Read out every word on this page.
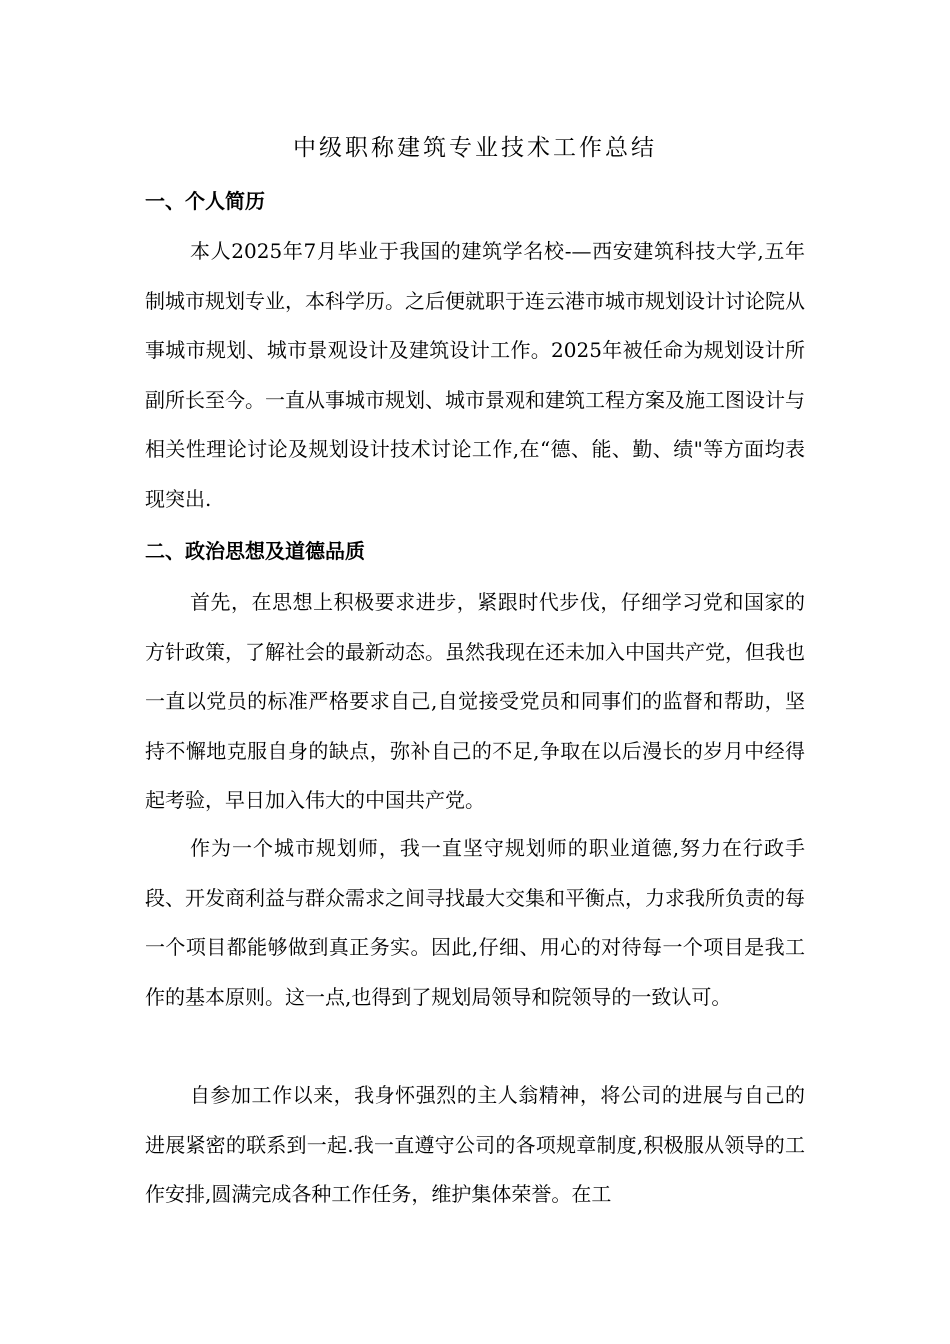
中级职称建筑专业技术工作总结
一、个人简历

本人2025年7月毕业于我国的建筑学名校-—西安建筑科技大学,五年制城市规划专业，本科学历。之后便就职于连云港市城市规划设计讨论院从事城市规划、城市景观设计及建筑设计工作。2025年被任命为规划设计所副所长至今。一直从事城市规划、城市景观和建筑工程方案及施工图设计与相关性理论讨论及规划设计技术讨论工作,在“德、能、勤、绩"等方面均表现突出.

二、政治思想及道德品质

首先，在思想上积极要求进步，紧跟时代步伐，仔细学习党和国家的方针政策，了解社会的最新动态。虽然我现在还未加入中国共产党，但我也一直以党员的标准严格要求自己,自觉接受党员和同事们的监督和帮助，坚持不懈地克服自身的缺点，弥补自己的不足,争取在以后漫长的岁月中经得起考验，早日加入伟大的中国共产党。

作为一个城市规划师，我一直坚守规划师的职业道德,努力在行政手段、开发商利益与群众需求之间寻找最大交集和平衡点，力求我所负责的每一个项目都能够做到真正务实。因此,仔细、用心的对待每一个项目是我工作的基本原则。这一点,也得到了规划局领导和院领导的一致认可。

自参加工作以来，我身怀强烈的主人翁精神，将公司的进展与自己的进展紧密的联系到一起.我一直遵守公司的各项规章制度,积极服从领导的工作安排,圆满完成各种工作任务，维护集体荣誉。在工
